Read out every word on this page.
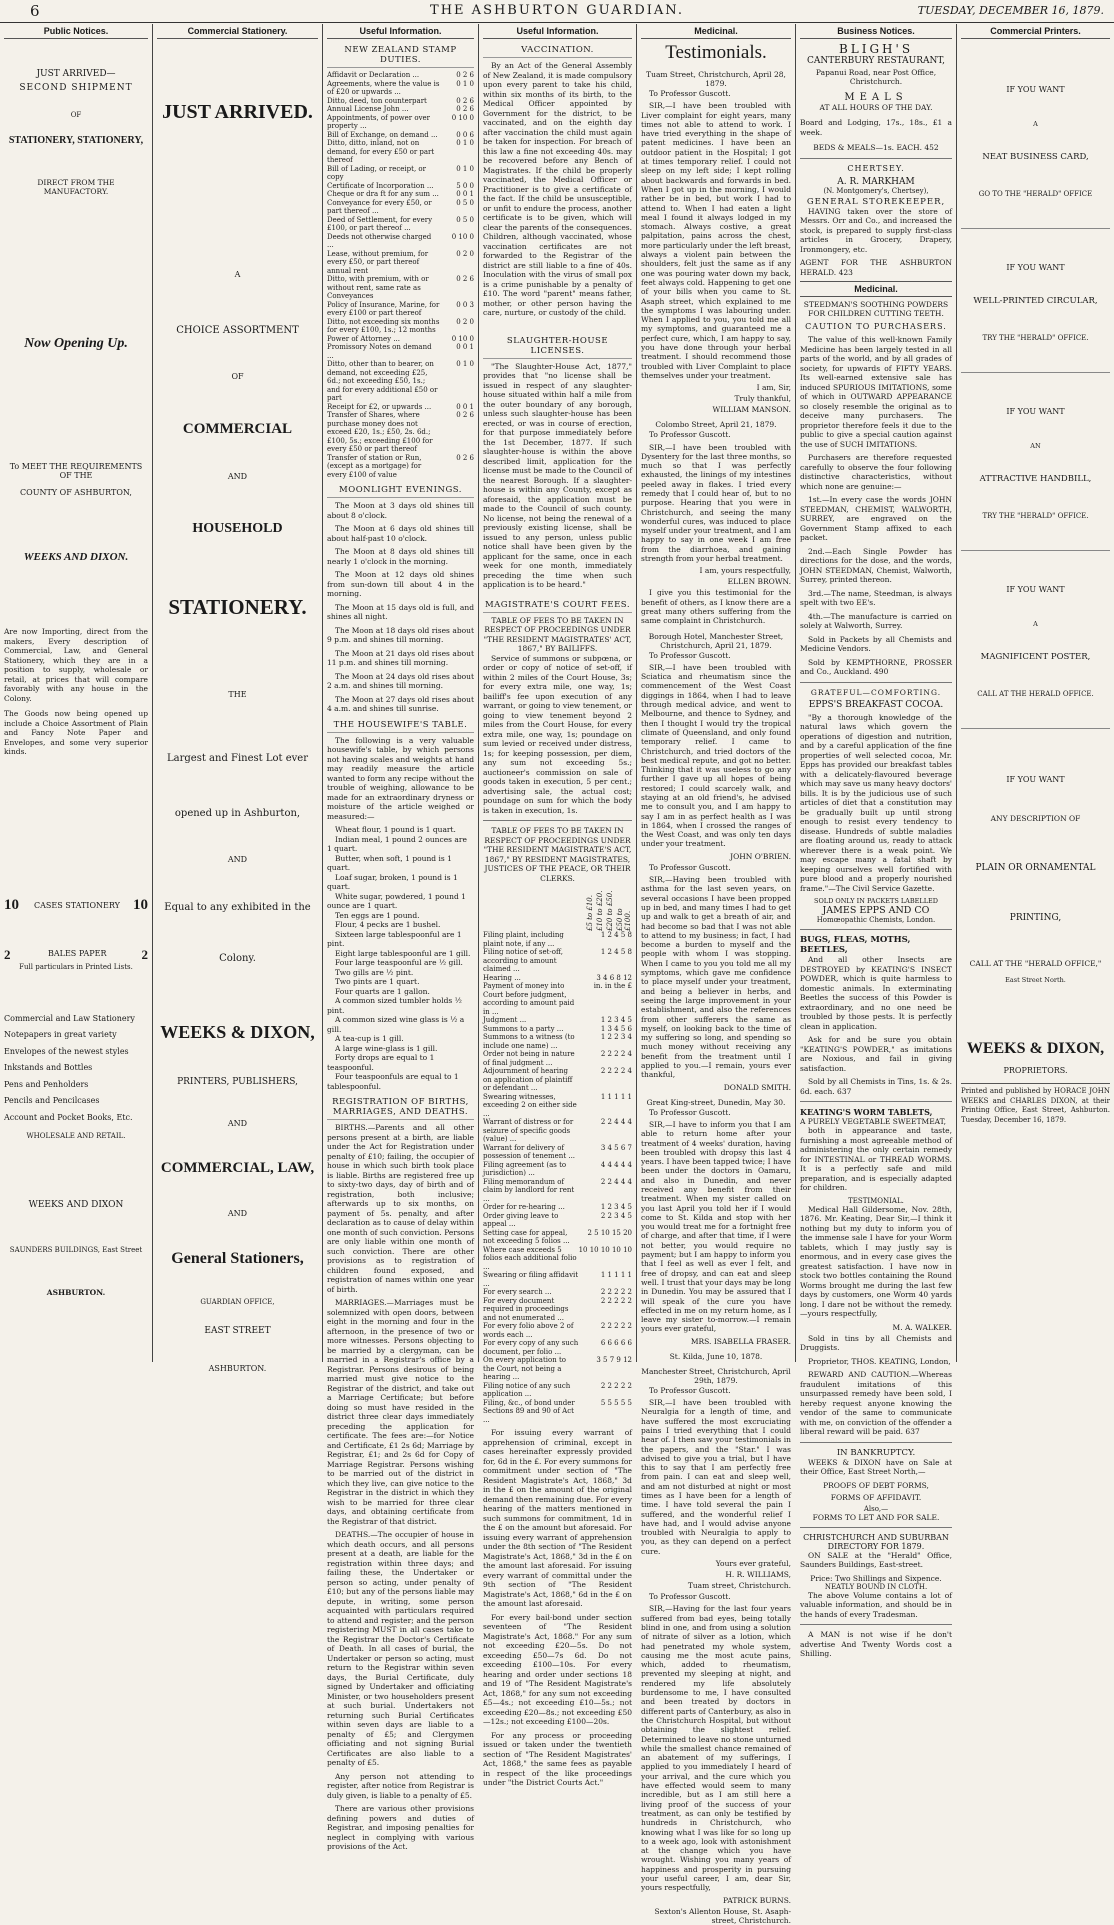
6	THE ASHBURTON GUARDIAN.	TUESDAY, DECEMBER 16, 1879.
Public Notices.
JUST ARRIVED—
SECOND SHIPMENT
OF
STATIONERY, STATIONERY,
DIRECT FROM THE MANUFACTORY.
Now Opening Up.
To MEET THE REQUIREMENTS OF THE
COUNTY OF ASHBURTON,
WEEKS AND DIXON.
Are now Importing, direct from the makers, Every description of Commercial, Law, and General Stationery, which they are in a position to supply, wholesale or retail, at prices that will compare favorably with any house in the Colony.
The Goods now being opened up include a Choice Assortment of Plain and Fancy Note Paper and Envelopes, and some very superior kinds.
10 CASES STATIONERY 10
2	BALES PAPER	2
Full particulars in Printed Lists.
Commercial and Law Stationery
Notepapers in great variety
Envelopes of the newest styles
Inkstands and Bottles
Pens and Penholders
Pencils and Pencilcases
Account and Pocket Books, Etc.
WHOLESALE AND RETAIL.
WEEKS AND DIXON
SAUNDERS BUILDINGS, East Street
ASHBURTON.
Commercial Stationery.
JUST ARRIVED.
A
CHOICE ASSORTMENT
OF
COMMERCIAL
AND
HOUSEHOLD
STATIONERY.
THE
Largest and Finest Lot ever
opened up in Ashburton,
AND
Equal to any exhibited in the
Colony.
WEEKS & DIXON,
PRINTERS, PUBLISHERS,
AND
COMMERCIAL, LAW,
AND
General Stationers,
GUARDIAN OFFICE,
EAST STREET
ASHBURTON.
Useful Information.
NEW ZEALAND STAMP DUTIES.
Affidavit or Declaration ...	0 2 6
Agreements, where the value is of £20 or upwards ...	0 1 0
Ditto, deed, ton counterpart	0 2 6
Annual License John ...	0 2 6
Appointments, of power over property ...	0 10 0
Bill of Exchange, on demand ...	0 0 6
Ditto, ditto, inland, not on demand, for every £50 or part thereof	0 1 0
Bill of Lading, or receipt, or copy	0 1 0
Certificate of Incorporation ...	5 0 0
Cheque or dra ft for any sum ...	0 0 1
Conveyance for every £50, or part thereof ...	0 5 0
Deed of Settlement, for every £100, or part thereof ...	0 5 0
Deeds not otherwise charged ...	0 10 0
Lease, without premium, for every £50, or part thereof annual rent	0 2 0
Ditto, with premium, with or without rent, same rate as Conveyances	0 2 6
Policy of Insurance, Marine, for every £100 or part thereof	0 0 3
Ditto, not exceeding six months for every £100, 1s.; 12 months	0 2 0
Power of Attorney ...	0 10 0
Promissory Notes on demand ...	0 0 1
Ditto, other than to bearer, on demand, not exceeding £25, 6d.; not exceeding £50, 1s.; and for every additional £50 or part	0 1 0
Receipt for £2, or upwards ...	0 0 1
Transfer of Shares, where purchase money does not exceed £20, 1s.; £50, 2s. 6d.; £100, 5s.; exceeding £100 for every £50 or part thereof	0 2 6
Transfer of station or Run, (except as a mortgage) for every £100 of value	0 2 6
MOONLIGHT EVENINGS.

The Moon at 3 days old shines till about 8 o'clock.

The Moon at 6 days old shines till about half-past 10 o'clock.

The Moon at 8 days old shines till nearly 1 o'clock in the morning.

The Moon at 12 days old shines from sun-down till about 4 in the morning.

The Moon at 15 days old is full, and shines all night.

The Moon at 18 days old rises about 9 p.m. and shines till morning.

The Moon at 21 days old rises about 11 p.m. and shines till morning.

The Moon at 24 days old rises about 2 a.m. and shines till morning.

The Moon at 27 days old rises about 4 a.m. and shines till sunrise.

THE HOUSEWIFE'S TABLE.

The following is a very valuable housewife's table, by which persons not having scales and weights at hand may readily measure the article wanted to form any recipe without the trouble of weighing, allowance to be made for an extraordinary dryness or moisture of the article weighed or measured:—

Wheat flour, 1 pound is 1 quart.
Indian meal, 1 pound 2 ounces are 1 quart.
Butter, when soft, 1 pound is 1 quart.
Loaf sugar, broken, 1 pound is 1 quart.
White sugar, powdered, 1 pound 1 ounce are 1 quart.
Ten eggs are 1 pound.
Flour, 4 pecks are 1 bushel.
Sixteen large tablespoonful are 1 pint.
Eight large tablespoonful are 1 gill.
Four large teaspoonful are ½ gill.
Two gills are ½ pint.
Two pints are 1 quart.
Four quarts are 1 gallon.
A common sized tumbler holds ½ pint.
A common sized wine glass is ½ a gill.
A tea-cup is 1 gill.
A large wine-glass is 1 gill.
Forty drops are equal to 1 teaspoonful.
Four teaspoonfuls are equal to 1 tablespoonful.
REGISTRATION OF BIRTHS, MARRIAGES, AND DEATHS.

BIRTHS.—Parents and all other persons present at a birth, are liable under the Act for Registration under penalty of £10; failing, the occupier of house in which such birth took place is liable. Births are registered free up to sixty-two days, day of birth and of registration, both inclusive; afterwards up to six months, on payment of 5s. penalty, and after declaration as to cause of delay within one month of such conviction. Persons are only liable within one month of such conviction. There are other provisions as to registration of children found exposed, and registration of names within one year of birth.

MARRIAGES.—Marriages must be solemnized with open doors, between eight in the morning and four in the afternoon, in the presence of two or more witnesses. Persons objecting to be married by a clergyman, can be married in a Registrar's office by a Registrar. Persons desirous of being married must give notice to the Registrar of the district, and take out a Marriage Certificate; but before doing so must have resided in the district three clear days immediately preceding the application for certificate. The fees are:—for Notice and Certificate, £1 2s 6d; Marriage by Registrar, £1; and 2s 6d for Copy of Marriage Registrar. Persons wishing to be married out of the district in which they live, can give notice to the Registrar in the district in which they wish to be married for three clear days, and obtaining certificate from the Registrar of that district.

DEATHS.—The occupier of house in which death occurs, and all persons present at a death, are liable for the registration within three days; and failing these, the Undertaker or person so acting, under penalty of £10; but any of the persons liable may depute, in writing, some person acquainted with particulars required to attend and register; and the person registering MUST in all cases take to the Registrar the Doctor's Certificate of Death. In all cases of burial, the Undertaker or person so acting, must return to the Registrar within seven days, the Burial Certificate, duly signed by Undertaker and officiating Minister, or two householders present at such burial. Undertakers not returning such Burial Certificates within seven days are liable to a penalty of £5; and Clergymen officiating and not signing Burial Certificates are also liable to a penalty of £5.

Any person not attending to register, after notice from Registrar is duly given, is liable to a penalty of £5.

There are various other provisions defining powers and duties of Registrar, and imposing penalties for neglect in complying with various provisions of the Act.

Useful Information.
VACCINATION.

By an Act of the General Assembly of New Zealand, it is made compulsory upon every parent to take his child, within six months of its birth, to the Medical Officer appointed by Government for the district, to be vaccinated, and on the eighth day after vaccination the child must again be taken for inspection. For breach of this law a fine not exceeding 40s. may be recovered before any Bench of Magistrates. If the child be properly vaccinated, the Medical Officer or Practitioner is to give a certificate of the fact. If the child be unsusceptible, or unfit to endure the process, another certificate is to be given, which will clear the parents of the consequences. Children, although vaccinated, whose vaccination certificates are not forwarded to the Registrar of the district are still liable to a fine of 40s. Inoculation with the virus of small pox is a crime punishable by a penalty of £10. The word "parent" means father, mother, or other person having the care, nurture, or custody of the child.

SLAUGHTER-HOUSE LICENSES.

"The Slaughter-House Act, 1877," provides that "no license shall be issued in respect of any slaughter-house situated within half a mile from the outer boundary of any borough, unless such slaughter-house has been erected, or was in course of erection, for that purpose immediately before the 1st December, 1877. If such slaughter-house is within the above described limit, application for the license must be made to the Council of the nearest Borough. If a slaughter-house is within any County, except as aforesaid, the application must be made to the Council of such county. No license, not being the renewal of a previously existing license, shall be issued to any person, unless public notice shall have been given by the applicant for the same, once in each week for one month, immediately preceding the time when such application is to be heard."

MAGISTRATE'S COURT FEES.
TABLE OF FEES TO BE TAKEN IN RESPECT OF PROCEEDINGS UNDER "THE RESIDENT MAGISTRATES' ACT, 1867," BY BAILIFFS.

Service of summons or subpœna, or order or copy of notice of set-off, if within 2 miles of the Court House, 3s; for every extra mile, one way, 1s; bailiff's fee upon execution of any warrant, or going to view tenement, or going to view tenement beyond 2 miles from the Court House, for every extra mile, one way, 1s; poundage on sum levied or received under distress, 1s; for keeping possession, per diem, any sum not exceeding 5s.; auctioneer's commission on sale of goods taken in execution, 5 per cent.; advertising sale, the actual cost; poundage on sum for which the body is taken in execution, 1s.

TABLE OF FEES TO BE TAKEN IN RESPECT OF PROCEEDINGS UNDER "THE RESIDENT MAGISTRATE'S ACT, 1867," BY RESIDENT MAGISTRATES, JUSTICES OF THE PEACE, OR THEIR CLERKS.
£5 to £10. £10 to £20. £20 to £50. £50 to £100.
Filing plaint, including plaint note, if any ...	1 2 4 5 8
Filing notice of set-off, according to amount claimed ...	1 2 4 5 8
Hearing ...	3 4 6 8 12
Payment of money into Court before judgment, according to amount paid in ...	in. in the £
Judgment ...	1 2 3 4 5
Summons to a party ...	1 3 4 5 6
Summons to a witness (to include one name) ...	1 2 2 3 4
Order not being in nature of final judgment ...	2 2 2 2 4
Adjournment of hearing on application of plaintiff or defendant ...	2 2 2 2 4
Swearing witnesses, exceeding 2 on either side ...	1 1 1 1 1
Warrant of distress or for seizure of specific goods (value) ...	2 2 4 4 4
Warrant for delivery of possession of tenement ...	3 4 5 6 7
Filing agreement (as to jurisdiction) ...	4 4 4 4 4
Filing memorandum of claim by landlord for rent ...	2 2 4 4 4
Order for re-hearing ...	1 2 3 4 5
Order giving leave to appeal ...	2 2 3 4 5
Setting case for appeal, not exceeding 5 folios ...	2 5 10 15 20
Where case exceeds 5 folios each additional folio ...	10 10 10 10 10
Swearing or filing affidavit ...	1 1 1 1 1
For every search ...	2 2 2 2 2
For every document required in proceedings and not enumerated ...	2 2 2 2 2
For every folio above 2 of words each ...	2 2 2 2 2
For every copy of any such document, per folio ...	6 6 6 6 6
On every application to the Court, not being a hearing ...	3 5 7 9 12
Filing notice of any such application ...	2 2 2 2 2
Filing, &c., of bond under Sections 89 and 90 of Act ...	5 5 5 5 5

For issuing every warrant of apprehension of criminal, except in cases hereinafter expressly provided for, 6d in the £. For every summons for commitment under section of "The Resident Magistrate's Act, 1868," 3d in the £ on the amount of the original demand then remaining due. For every hearing of the matters mentioned in such summons for commitment, 1d in the £ on the amount but aforesaid. For issuing every warrant of apprehension under the 8th section of "The Resident Magistrate's Act, 1868," 3d in the £ on the amount last aforesaid. For issuing every warrant of committal under the 9th section of "The Resident Magistrate's Act, 1868," 6d in the £ on the amount last aforesaid.

For every bail-bond under section seventeen of "The Resident Magistrate's Act, 1868." For any sum not exceeding £20—5s. Do not exceeding £50—7s 6d. Do not exceeding £100—10s. For every hearing and order under sections 18 and 19 of "The Resident Magistrate's Act, 1868," for any sum not exceeding £5—4s.; not exceeding £10—5s.; not exceeding £20—8s.; not exceeding £50—12s.; not exceeding £100—20s.

For any process or proceeding issued or taken under the twentieth section of "The Resident Magistrates' Act, 1868," the same fees as payable in respect of the like proceedings under "the District Courts Act."

Medicinal.
Testimonials.
Tuam Street, Christchurch, April 28, 1879.

To Professor Guscott.

SIR,—I have been troubled with Liver complaint for eight years, many times not able to attend to work. I have tried everything in the shape of patent medicines. I have been an outdoor patient in the Hospital; I got at times temporary relief. I could not sleep on my left side; I kept rolling about backwards and forwards in bed. When I got up in the morning, I would rather be in bed, but work I had to attend to. When I had eaten a light meal I found it always lodged in my stomach. Always costive, a great palpitation, pains across the chest, more particularly under the left breast, always a violent pain between the shoulders, felt just the same as if any one was pouring water down my back, feet always cold. Happening to get one of your bills when you came to St. Asaph street, which explained to me the symptoms I was labouring under. When I applied to you, you told me all my symptoms, and guaranteed me a perfect cure, which, I am happy to say, you have done through your herbal treatment. I should recommend those troubled with Liver Complaint to place themselves under your treatment.

I am, Sir,
Truly thankful,
WILLIAM MANSON.
Colombo Street, April 21, 1879.

To Professor Guscott.

SIR,—I have been troubled with Dysentery for the last three months, so much so that I was perfectly exhausted, the linings of my intestines peeled away in flakes. I tried every remedy that I could hear of, but to no purpose. Hearing that you were in Christchurch, and seeing the many wonderful cures, was induced to place myself under your treatment, and I am happy to say in one week I am free from the diarrhoea, and gaining strength from your herbal treatment.

I am, yours respectfully,
ELLEN BROWN.

I give you this testimonial for the benefit of others, as I know there are a great many others suffering from the same complaint in Christchurch.

Borough Hotel, Manchester Street, Christchurch, April 21, 1879.

To Professor Guscott.

SIR,—I have been troubled with Sciatica and rheumatism since the commencement of the West Coast diggings in 1864, when I had to leave through medical advice, and went to Melbourne, and thence to Sydney, and then I thought I would try the tropical climate of Queensland, and only found temporary relief. I came to Christchurch, and tried doctors of the best medical repute, and got no better. Thinking that it was useless to go any further I gave up all hopes of being restored; I could scarcely walk, and staying at an old friend's, he advised me to consult you, and I am happy to say I am in as perfect health as I was in 1864, when I crossed the ranges of the West Coast, and was only ten days under your treatment.

JOHN O'BRIEN.

To Professor Guscott.

SIR,—Having been troubled with asthma for the last seven years, on several occasions I have been propped up in bed, and many times I had to get up and walk to get a breath of air, and had become so bad that I was not able to attend to my business; in fact, I had become a burden to myself and the people with whom I was stopping. When I came to you you told me all my symptoms, which gave me confidence to place myself under your treatment, and being a believer in herbs, and seeing the large improvement in your establishment, and also the references from other sufferers the same as myself, on looking back to the time of my suffering so long, and spending so much money without receiving any benefit from the treatment until I applied to you.—I remain, yours ever thankful,

DONALD SMITH.
Great King-street, Dunedin, May 30.

To Professor Guscott.

SIR,—I have to inform you that I am able to return home after your treatment of 4 weeks' duration, having been troubled with dropsy this last 4 years. I have been tapped twice; I have been under the doctors in Oamaru, and also in Dunedin, and never received any benefit from their treatment. When my sister called on you last April you told her if I would come to St. Kilda and stop with her you would treat me for a fortnight free of charge, and after that time, if I were not better, you would require no payment; but I am happy to inform you that I feel as well as ever I felt, and free of dropsy, and can eat and sleep well. I trust that your days may be long in Dunedin. You may be assured that I will speak of the cure you have effected in me on my return home, as I leave my sister to-morrow.—I remain yours ever grateful,

MRS. ISABELLA FRASER.
St. Kilda, June 10, 1878.
Manchester Street, Christchurch, April 29th, 1879.

To Professor Guscott.

SIR,—I have been troubled with Neuralgia for a length of time, and have suffered the most excruciating pains I tried everything that I could hear of. I then saw your testimonials in the papers, and the "Star." I was advised to give you a trial, but I have this to say that I am perfectly free from pain. I can eat and sleep well, and am not disturbed at night or most times as I have been for a length of time. I have told several the pain I suffered, and the wonderful relief I have had, and I would advise anyone troubled with Neuralgia to apply to you, as they can depend on a perfect cure.

Yours ever grateful,
H. R. WILLIAMS,
Tuam street, Christchurch.

To Professor Guscott.

SIR,—Having for the last four years suffered from bad eyes, being totally blind in one, and from using a solution of nitrate of silver as a lotion, which had penetrated my whole system, causing me the most acute pains, which, added to rheumatism, prevented my sleeping at night, and rendered my life absolutely burdensome to me, I have consulted and been treated by doctors in different parts of Canterbury, as also in the Christchurch Hospital, but without obtaining the slightest relief. Determined to leave no stone unturned while the smallest chance remained of an abatement of my sufferings, I applied to you immediately I heard of your arrival, and the cure which you have effected would seem to many incredible, but as I am still here a living proof of the success of your treatment, as can only be testified by hundreds in Christchurch, who knowing what I was like for so long up to a week ago, look with astonishment at the change which you have wrought. Wishing you many years of happiness and prosperity in pursuing your useful career, I am, dear Sir, yours respectfully,

PATRICK BURNS.
Sexton's Allenton House, St. Asaph-street, Christchurch.
Business Notices.
BLIGH'S
CANTERBURY RESTAURANT,
Papanui Road, near Post Office,
Christchurch.
MEALS
AT ALL HOURS OF THE DAY.
Board and Lodging, 17s., 18s., £1 a week.
BEDS & MEALS—1s. EACH. 452
CHERTSEY.
A. R. MARKHAM
(N. Montgomery's, Chertsey),
GENERAL STOREKEEPER,

HAVING taken over the store of Messrs. Orr and Co., and increased the stock, is prepared to supply first-class articles in Grocery, Drapery, Ironmongery, etc.

AGENT FOR THE ASHBURTON HERALD. 423
Medicinal.
STEEDMAN'S SOOTHING POWDERS FOR CHILDREN CUTTING TEETH.
CAUTION TO PURCHASERS.

The value of this well-known Family Medicine has been largely tested in all parts of the world, and by all grades of society, for upwards of FIFTY YEARS. Its well-earned extensive sale has induced SPURIOUS IMITATIONS, some of which in OUTWARD APPEARANCE so closely resemble the original as to deceive many purchasers. The proprietor therefore feels it due to the public to give a special caution against the use of SUCH IMITATIONS.

Purchasers are therefore requested carefully to observe the four following distinctive characteristics, without which none are genuine:—

1st.—In every case the words JOHN STEEDMAN, CHEMIST, WALWORTH, SURREY, are engraved on the Government Stamp affixed to each packet.

2nd.—Each Single Powder has directions for the dose, and the words, JOHN STEEDMAN, Chemist, Walworth, Surrey, printed thereon.

3rd.—The name, Steedman, is always spelt with two EE's.

4th.—The manufacture is carried on solely at Walworth, Surrey.

Sold in Packets by all Chemists and Medicine Vendors.

Sold by KEMPTHORNE, PROSSER and Co., Auckland. 490

GRATEFUL—COMFORTING.
EPPS'S BREAKFAST COCOA.

"By a thorough knowledge of the natural laws which govern the operations of digestion and nutrition, and by a careful application of the fine properties of well selected cocoa, Mr. Epps has provided our breakfast tables with a delicately-flavoured beverage which may save us many heavy doctors' bills. It is by the judicious use of such articles of diet that a constitution may be gradually built up until strong enough to resist every tendency to disease. Hundreds of subtle maladies are floating around us, ready to attack wherever there is a weak point. We may escape many a fatal shaft by keeping ourselves well fortified with pure blood and a properly nourished frame."—The Civil Service Gazette.

SOLD ONLY IN PACKETS LABELLED
JAMES EPPS AND CO
Homœopathic Chemists, London.
BUGS, FLEAS, MOTHS, BEETLES,

And all other Insects are DESTROYED by KEATING'S INSECT POWDER, which is quite harmless to domestic animals. In exterminating Beetles the success of this Powder is extraordinary, and no one need be troubled by those pests. It is perfectly clean in application.

Ask for and be sure you obtain "KEATING'S POWDER," as imitations are Noxious, and fail in giving satisfaction.

Sold by all Chemists in Tins, 1s. & 2s. 6d. each. 637

KEATING'S WORM TABLETS,
A PURELY VEGETABLE SWEETMEAT,

both in appearance and taste, furnishing a most agreeable method of administering the only certain remedy for INTESTINAL or THREAD WORMS. It is a perfectly safe and mild preparation, and is especially adapted for children.

TESTIMONIAL.

Medical Hall Gildersome, Nov. 28th, 1876. Mr. Keating, Dear Sir,—I think it nothing but my duty to inform you of the immense sale I have for your Worm tablets, which I may justly say is enormous, and in every case gives the greatest satisfaction. I have now in stock two bottles containing the Round Worms brought me during the last few days by customers, one Worm 40 yards long. I dare not be without the remedy.—yours respectfully,

M. A. WALKER.

Sold in tins by all Chemists and Druggists.

Proprietor, THOS. KEATING, London,

REWARD AND CAUTION.—Whereas fraudulent imitations of this unsurpassed remedy have been sold, I hereby request anyone knowing the vendor of the same to communicate with me, on conviction of the offender a liberal reward will be paid. 637

IN BANKRUPTCY.

WEEKS & DIXON have on Sale at their Office, East Street North,—

PROOFS OF DEBT FORMS,
FORMS OF AFFIDAVIT.
Also,—
FORMS TO LET AND FOR SALE.
CHRISTCHURCH AND SUBURBAN DIRECTORY FOR 1879.

ON SALE at the "Herald" Office, Saunders Buildings, East-street.

Price: Two Shillings and Sixpence.
NEATLY BOUND IN CLOTH.

The above Volume contains a lot of valuable information, and should be in the hands of every Tradesman.

A MAN is not wise if he don't advertise And Twenty Words cost a Shilling.

Commercial Printers.
IF YOU WANT
A
NEAT BUSINESS CARD,
GO TO THE "HERALD" OFFICE
IF YOU WANT
WELL-PRINTED CIRCULAR,
TRY THE "HERALD" OFFICE.
IF YOU WANT
AN
ATTRACTIVE HANDBILL,
TRY THE "HERALD" OFFICE.
IF YOU WANT
A
MAGNIFICENT POSTER,
CALL AT THE HERALD OFFICE.
IF YOU WANT
ANY DESCRIPTION OF
PLAIN OR ORNAMENTAL
PRINTING,
CALL AT THE "HERALD OFFICE,"
East Street North.
WEEKS & DIXON,
PROPRIETORS.
Printed and published by HORACE JOHN WEEKS and CHARLES DIXON, at their Printing Office, East Street, Ashburton. Tuesday, December 16, 1879.
